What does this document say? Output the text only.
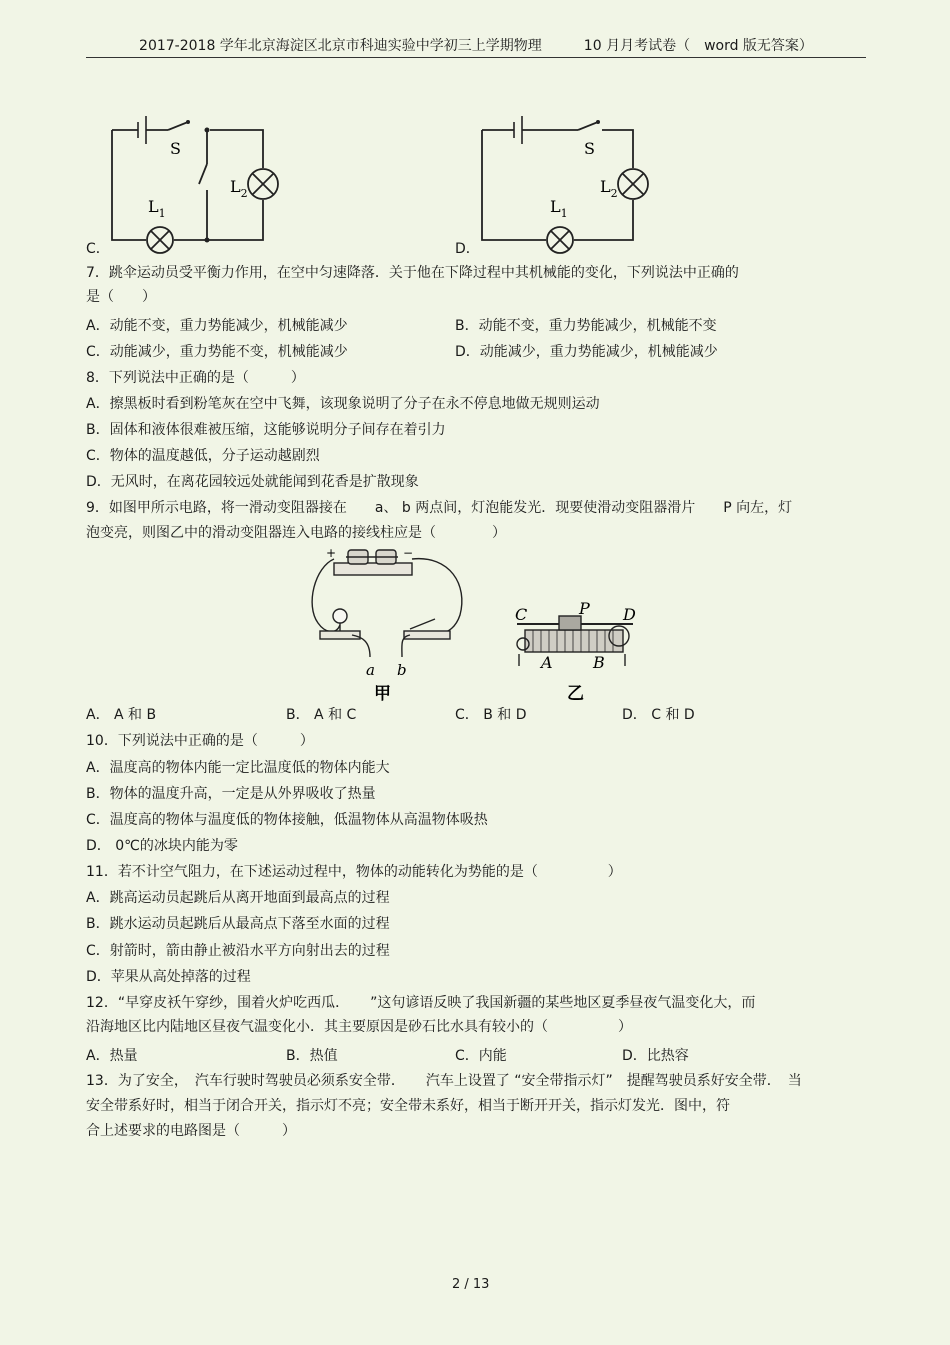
2017-2018 学年北京海淀区北京市科迪实验中学初三上学期物理　　　10 月月考试卷（　word 版无答案）
S
$L_1$
$L_2$
C．
S
$L_1$
$L_2$
D．
7．跳伞运动员受平衡力作用，在空中匀速降落．关于他在下降过程中其机械能的变化，下列说法中正确的
是（　　）
A．动能不变，重力势能减少，机械能减少	B．动能不变，重力势能减少，机械能不变
C．动能减少，重力势能不变，机械能减少	D．动能减少，重力势能减少，机械能减少
8．下列说法中正确的是（　　　）
A．擦黑板时看到粉笔灰在空中飞舞，该现象说明了分子在永不停息地做无规则运动
B．固体和液体很难被压缩，这能够说明分子间存在着引力
C．物体的温度越低，分子运动越剧烈
D．无风时，在离花园较远处就能闻到花香是扩散现象
9．如图甲所示电路，将一滑动变阻器接在　　a、 b 两点间，灯泡能发光．现要使滑动变阻器滑片　　P 向左，灯
泡变亮，则图乙中的滑动变阻器连入电路的接线柱应是（　　　　）
+	−
a b
甲
C	P D
A	B
乙
A． A 和 B	B． A 和 C	C． B 和 D	D． C 和 D
10．下列说法中正确的是（　　　）
A．温度高的物体内能一定比温度低的物体内能大
B．物体的温度升高，一定是从外界吸收了热量
C．温度高的物体与温度低的物体接触，低温物体从高温物体吸热
D． 0℃的冰块内能为零
11．若不计空气阻力，在下述运动过程中，物体的动能转化为势能的是（　　　　　）
A．跳高运动员起跳后从离开地面到最高点的过程
B．跳水运动员起跳后从最高点下落至水面的过程
C．射箭时，箭由静止被沿水平方向射出去的过程
D．苹果从高处掉落的过程
12．“早穿皮袄午穿纱，围着火炉吃西瓜．　　”这句谚语反映了我国新疆的某些地区夏季昼夜气温变化大，而
沿海地区比内陆地区昼夜气温变化小．其主要原因是砂石比水具有较小的（　　　　　）
A．热量	B．热值	C．内能	D．比热容
13．为了安全，　汽车行驶时驾驶员必须系安全带．　　汽车上设置了 “安全带指示灯”　提醒驾驶员系好安全带．　当
安全带系好时，相当于闭合开关，指示灯不亮；安全带未系好，相当于断开开关，指示灯发光．图中，符
合上述要求的电路图是（　　　）
2 / 13
